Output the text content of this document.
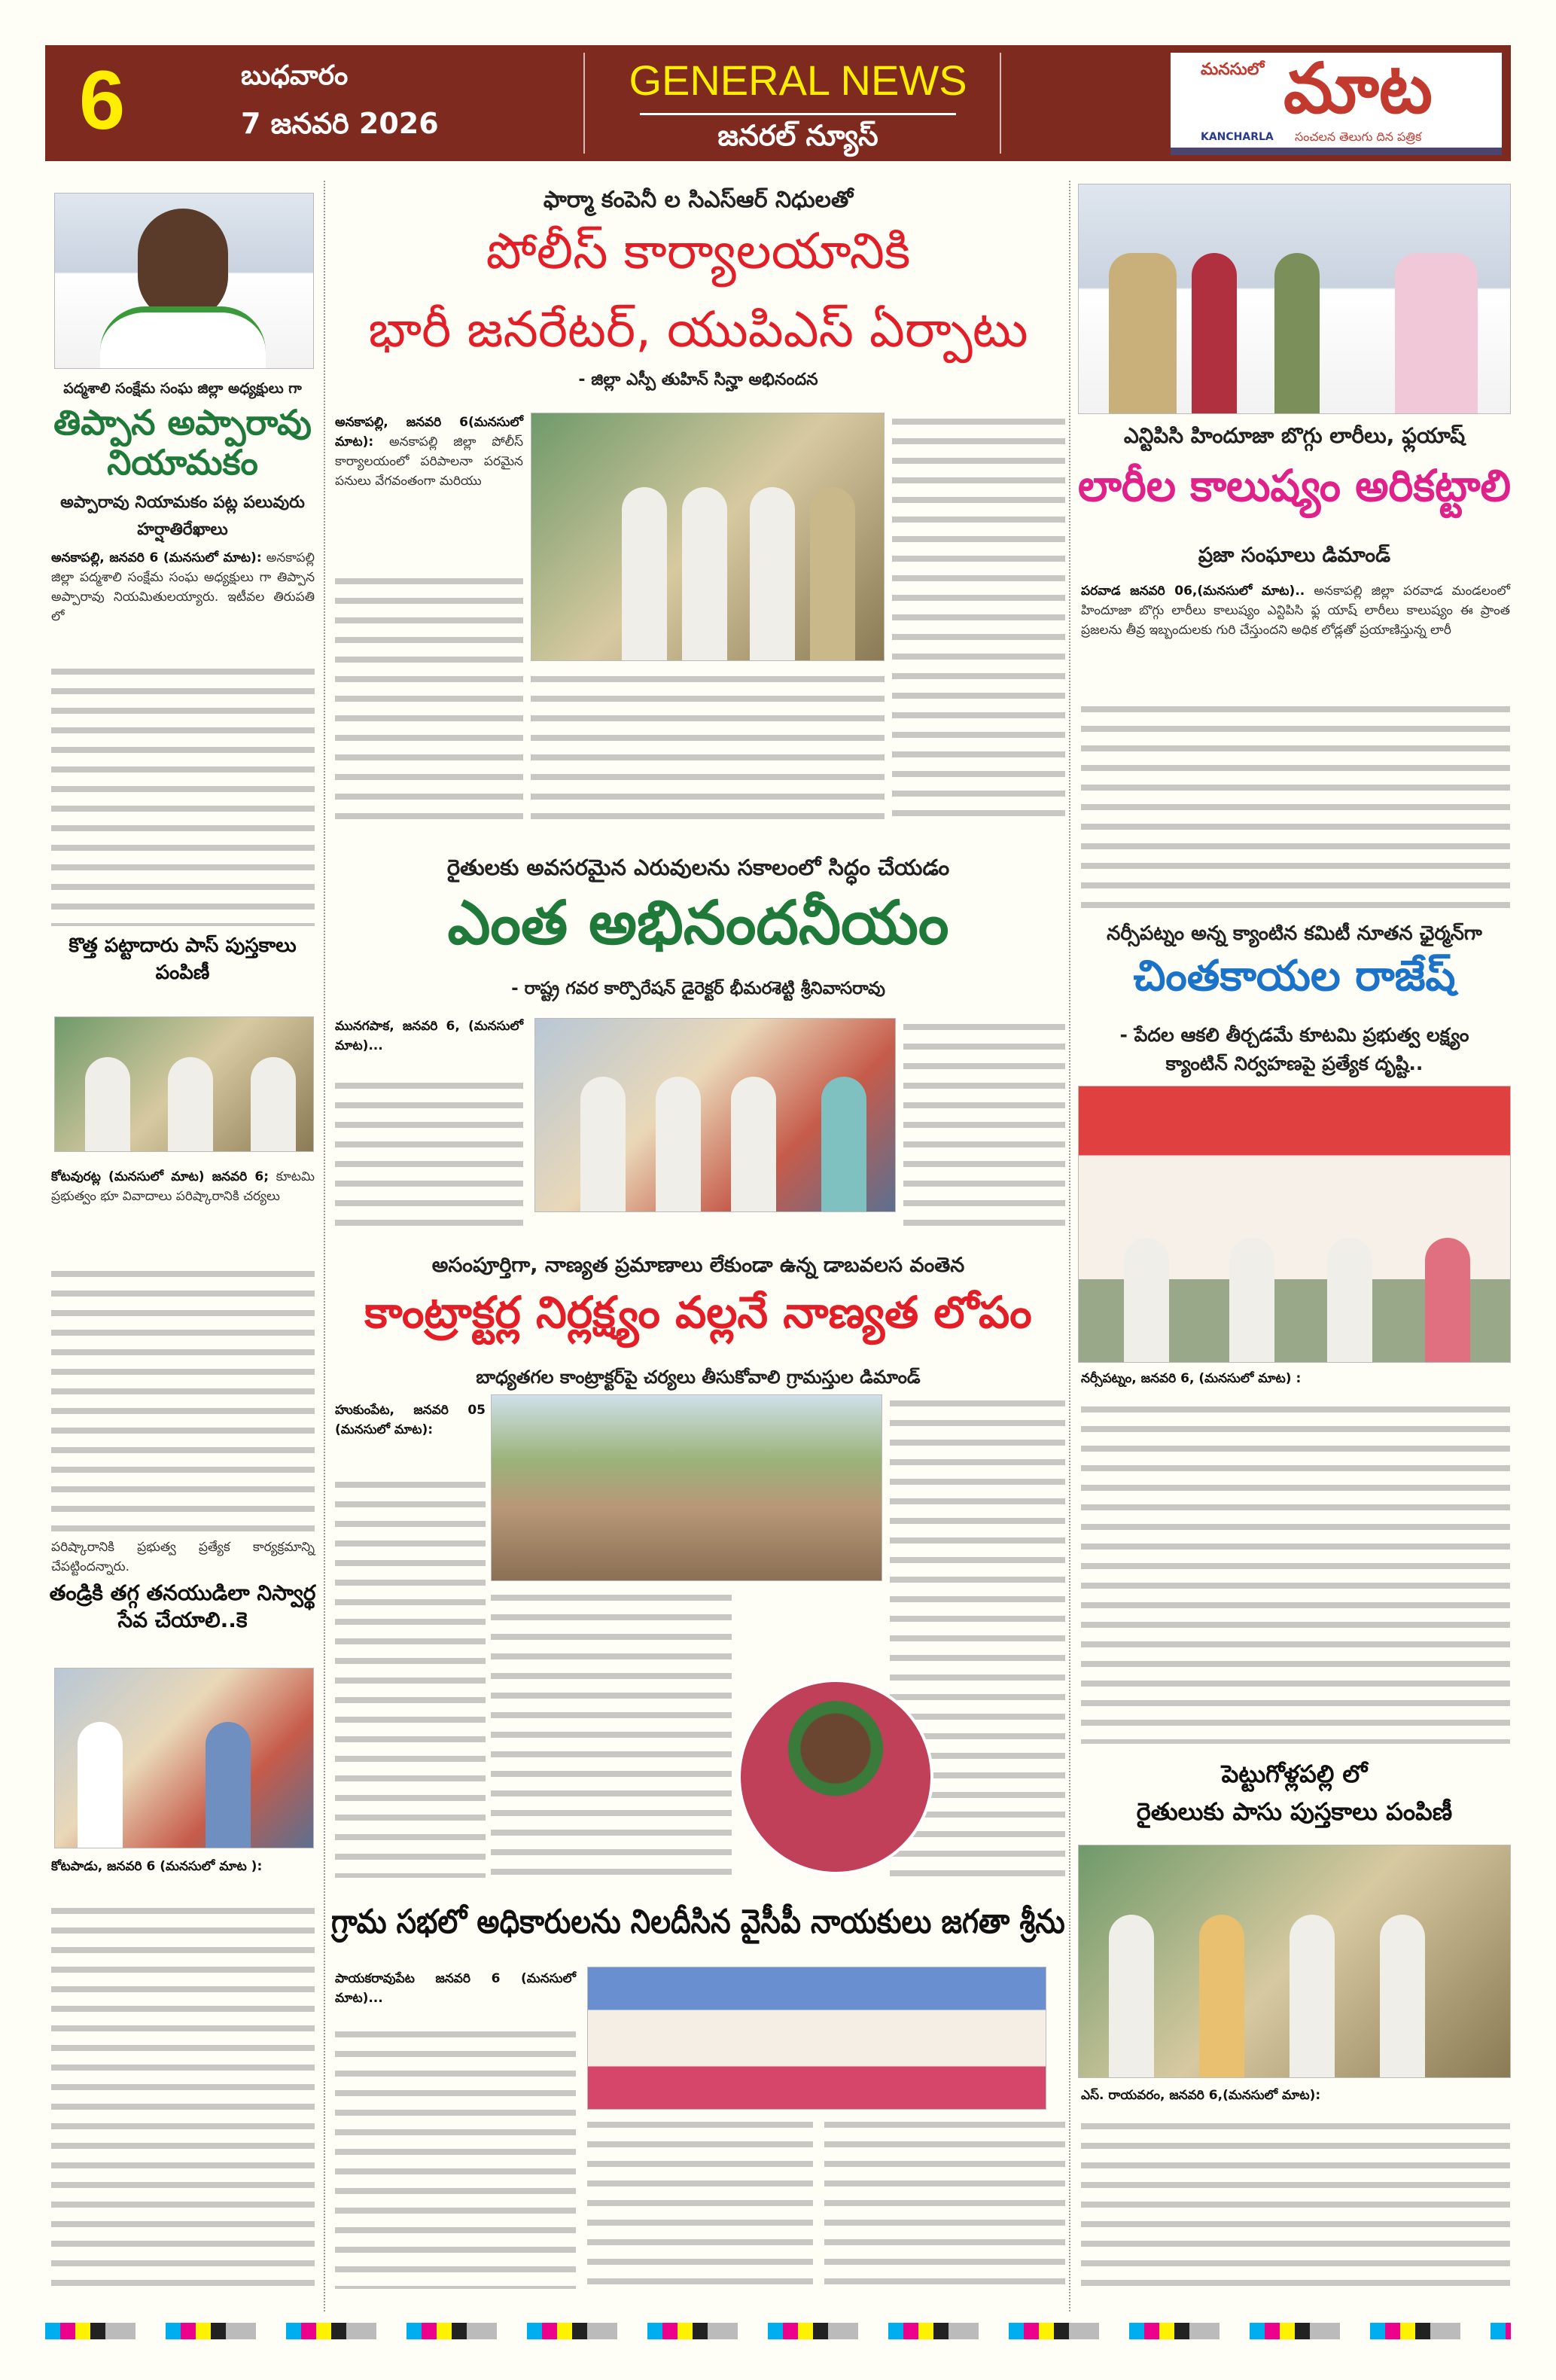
6	బుధవారం
7 జనవరి 2026
GENERAL NEWS
జనరల్ న్యూస్
మనసులో మాట
KANCHARLA సంచలన తెలుగు దిన పత్రిక
పద్మశాలి సంక్షేమ సంఘ జిల్లా అధ్యక్షులు గా
తిప్పాన అప్పారావు నియామకం
అప్పారావు నియామకం పట్ల పలువురు హర్షాతిరేఖాలు
అనకాపల్లి, జనవరి 6 (మనసులో మాట): అనకాపల్లి జిల్లా పద్మశాలి సంక్షేమ సంఘ అధ్యక్షులు గా తిప్పాన అప్పారావు నియమితులయ్యారు. ఇటీవల తిరుపతి లో
కొత్త పట్టాదారు పాస్ పుస్తకాలు పంపిణీ
కోటవురట్ల (మనసులో మాట) జనవరి 6; కూటమి ప్రభుత్వం భూ వివాదాలు పరిష్కారానికి చర్యలు
పరిష్కారానికి ప్రభుత్వ ప్రత్యేక కార్యక్రమాన్ని చేపట్టిందన్నారు.
తండ్రికి తగ్గ తనయుడిలా నిస్వార్థ సేవ చేయాలి..కె
కోటపాడు, జనవరి 6 (మనసులో మాట ):
ఫార్మా కంపెనీ ల సిఎస్ఆర్ నిధులతో
పోలీస్ కార్యాలయానికి
భారీ జనరేటర్, యుపిఎస్ ఏర్పాటు
- జిల్లా ఎస్పీ తుహిన్ సిన్హా అభినందన
అనకాపల్లి, జనవరి 6(మనసులో మాట): అనకాపల్లి జిల్లా పోలీస్ కార్యాలయంలో పరిపాలనా పరమైన పనులు వేగవంతంగా మరియు
రైతులకు అవసరమైన ఎరువులను సకాలంలో సిద్ధం చేయడం
ఎంత అభినందనీయం
- రాష్ట్ర గవర కార్పొరేషన్ డైరెక్టర్ భీమరశెట్టి శ్రీనివాసరావు
మునగపాక, జనవరి 6, (మనసులో మాట)...
అసంపూర్తిగా, నాణ్యత ప్రమాణాలు లేకుండా ఉన్న డాబవలస వంతెన
కాంట్రాక్టర్ల నిర్లక్ష్యం వల్లనే నాణ్యత లోపం
బాధ్యతగల కాంట్రాక్టర్‌పై చర్యలు తీసుకోవాలి గ్రామస్తుల డిమాండ్
హుకుంపేట, జనవరి 05 (మనసులో మాట):
గ్రామ సభలో అధికారులను నిలదీసిన వైసీపీ నాయకులు జగతా శ్రీను
పాయకరావుపేట జనవరి 6 (మనసులో మాట)...
ఎన్టిపిసి హిందూజా బొగ్గు లారీలు, ఫ్లయాష్
లారీల కాలుష్యం అరికట్టాలి
ప్రజా సంఘాలు డిమాండ్
పరవాడ జనవరి 06,(మనసులో మాట).. అనకాపల్లి జిల్లా పరవాడ మండలంలో హిందూజా బొగ్గు లారీలు కాలుష్యం ఎన్టిపిసి ఫ్ల యాష్ లారీలు కాలుష్యం ఈ ప్రాంత ప్రజలను తీవ్ర ఇబ్బందులకు గురి చేస్తుందని అధిక లోడ్లతో ప్రయాణిస్తున్న లారీ
నర్సీపట్నం అన్న క్యాంటిన కమిటీ నూతన ఛైర్మన్‌గా
చింతకాయల రాజేష్
- పేదల ఆకలి తీర్చడమే కూటమి ప్రభుత్వ లక్ష్యం
క్యాంటిన్ నిర్వహణపై ప్రత్యేక దృష్టి..
నర్సీపట్నం, జనవరి 6, (మనసులో మాట) :
పెట్టుగోళ్లపల్లి లో
రైతులుకు పాసు పుస్తకాలు పంపిణీ
ఎస్. రాయవరం, జనవరి 6,(మనసులో మాట):
